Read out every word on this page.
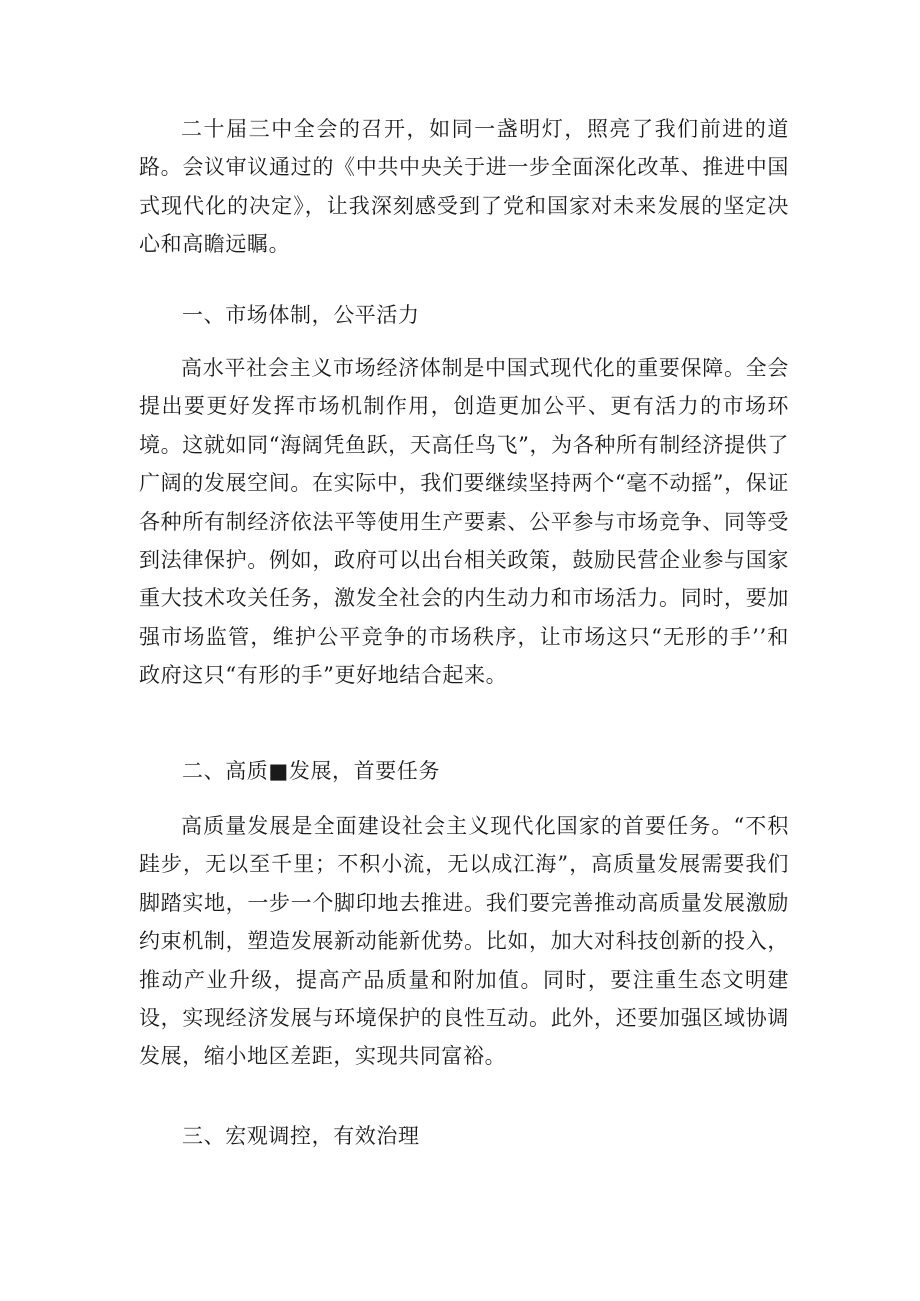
二十届三中全会的召开，如同一盏明灯，照亮了我们前进的道路。会议审议通过的《中共中央关于进一步全面深化改革、推进中国式现代化的决定》，让我深刻感受到了党和国家对未来发展的坚定决心和高瞻远瞩。

一、市场体制，公平活力

高水平社会主义市场经济体制是中国式现代化的重要保障。全会提出要更好发挥市场机制作用，创造更加公平、更有活力的市场环境。这就如同“海阔凭鱼跃，天高任鸟飞”，为各种所有制经济提供了广阔的发展空间。在实际中，我们要继续坚持两个“毫不动摇”，保证各种所有制经济依法平等使用生产要素、公平参与市场竞争、同等受到法律保护。例如，政府可以出台相关政策，鼓励民营企业参与国家重大技术攻关任务，激发全社会的内生动力和市场活力。同时，要加强市场监管，维护公平竞争的市场秩序，让市场这只“无形的手’’和政府这只“有形的手”更好地结合起来。

二、高质■发展，首要任务

高质量发展是全面建设社会主义现代化国家的首要任务。“不积跬步，无以至千里；不积小流，无以成江海”，高质量发展需要我们脚踏实地，一步一个脚印地去推进。我们要完善推动高质量发展激励约束机制，塑造发展新动能新优势。比如，加大对科技创新的投入，推动产业升级，提高产品质量和附加值。同时，要注重生态文明建设，实现经济发展与环境保护的良性互动。此外，还要加强区域协调发展，缩小地区差距，实现共同富裕。

三、宏观调控，有效治理
